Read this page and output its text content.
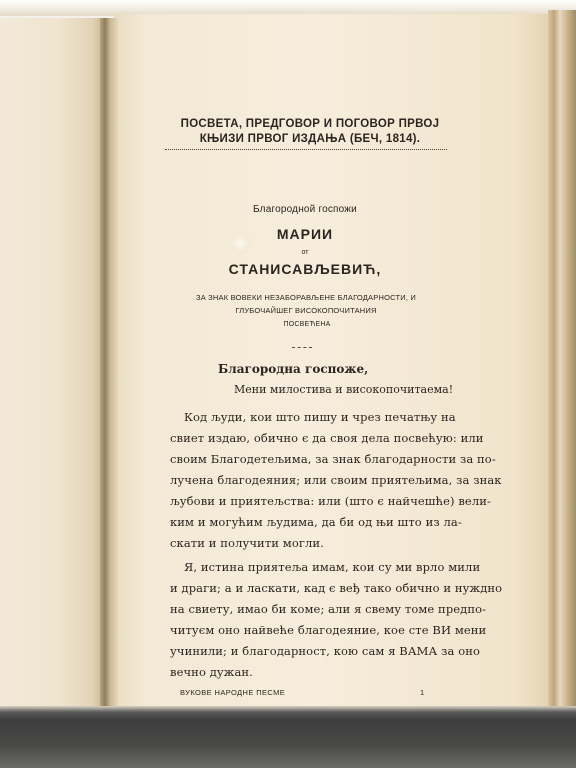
ПОСВЕТА, ПРЕДГОВОР И ПОГОВОР ПРВОЈ
КЊИЗИ ПРВОГ ИЗДАЊА (БЕЧ, 1814).
Благородной госпожи
МАРИИ
от
СТАНИСАВЉЕВИЋ,
ЗА ЗНАК ВОВЕКИ НЕЗАБОРАВЉЕНЕ БЛАГОДАРНОСТИ, И
ГЛУБОЧАЙШЕГ ВИСОКОПОЧИТАНИЯ
ПОСВЕЋЕНА
Благородна госпоже,
Мени милостива и високопочитаема!
Код људи, кои што пишу и чрез печатњу на
свиет издаю, обично є да своя дела посвећую: или
своим Благодетељима, за знак благодарности за по-
лучена благодеяния; или своим приятељима, за знак
љубови и приятељства: или (што є найчешће) вели-
ким и могућим људима, да би од њи што из ла-
скати и получити могли.
Я, истина приятеља имам, кои су ми врло мили
и драги; а и ласкати, кад є веђ тако обично и нуждно
на свиету, имао би коме; али я свему томе предпо-
читуєм оно найвеће благодеяние, кое сте ВИ мени
учинили; и благодарност, кою сам я ВАМА за оно
вечно дужан.
ВУКОВЕ НАРОДНЕ ПЕСМЕ	1
